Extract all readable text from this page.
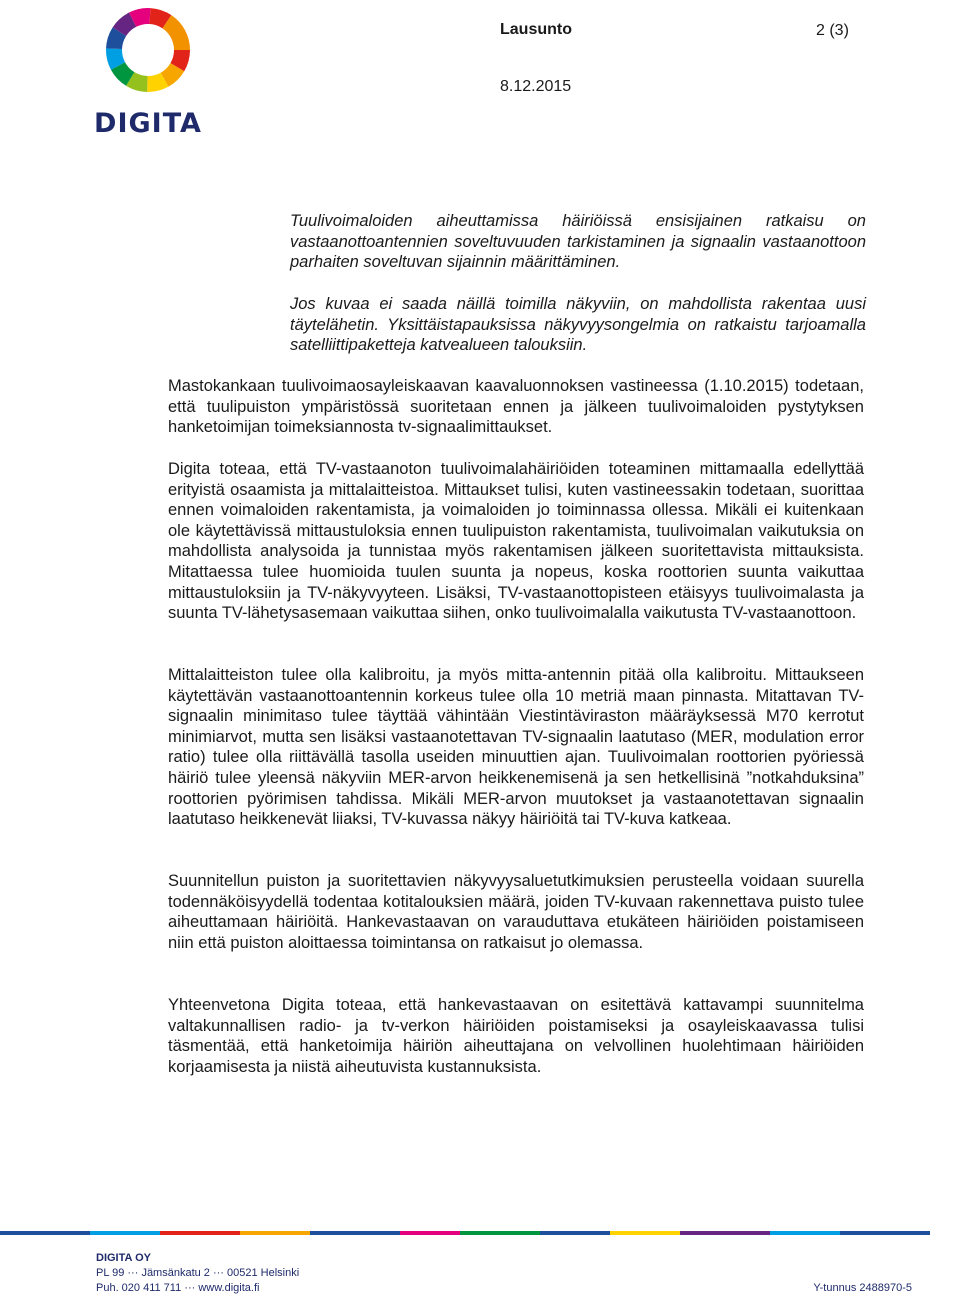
DIGITA
Lausunto	2 (3)
8.12.2015

Tuulivoimaloiden aiheuttamissa häiriöissä ensisijainen ratkaisu on vastaanottoantennien soveltuvuuden tarkistaminen ja signaalin vastaanottoon parhaiten soveltuvan sijainnin määrittäminen.

Jos kuvaa ei saada näillä toimilla näkyviin, on mahdollista rakentaa uusi täytelähetin. Yksittäistapauksissa näkyvyysongelmia on ratkaistu tarjoamalla satelliittipaketteja katvealueen talouksiin.

Mastokankaan tuulivoimaosayleiskaavan kaavaluonnoksen vastineessa (1.10.2015) todetaan, että tuulipuiston ympäristössä suoritetaan ennen ja jälkeen tuulivoimaloiden pystytyksen hanketoimijan toimeksiannosta tv-signaalimittaukset.

Digita toteaa, että TV-vastaanoton tuulivoimalahäiriöiden toteaminen mittamaalla edellyttää erityistä osaamista ja mittalaitteistoa. Mittaukset tulisi, kuten vastineessakin todetaan, suorittaa ennen voimaloiden rakentamista, ja voimaloiden jo toiminnassa ollessa. Mikäli ei kuitenkaan ole käytettävissä mittaustuloksia ennen tuulipuiston rakentamista, tuulivoimalan vaikutuksia on mahdollista analysoida ja tunnistaa myös rakentamisen jälkeen suoritettavista mittauksista. Mitattaessa tulee huomioida tuulen suunta ja nopeus, koska roottorien suunta vaikuttaa mittaustuloksiin ja TV-näkyvyyteen. Lisäksi, TV-vastaanottopisteen etäisyys tuulivoimalasta ja suunta TV-lähetysasemaan vaikuttaa siihen, onko tuulivoimalalla vaikutusta TV-vastaanottoon.

Mittalaitteiston tulee olla kalibroitu, ja myös mitta-antennin pitää olla kalibroitu. Mittaukseen käytettävän vastaanottoantennin korkeus tulee olla 10 metriä maan pinnasta. Mitattavan TV- signaalin minimitaso tulee täyttää vähintään Viestintäviraston määräyksessä M70 kerrotut minimiarvot, mutta sen lisäksi vastaanotettavan TV-signaalin laatutaso (MER, modulation error ratio) tulee olla riittävällä tasolla useiden minuuttien ajan. Tuulivoimalan roottorien pyöriessä häiriö tulee yleensä näkyviin MER-arvon heikkenemisenä ja sen hetkellisinä ”notkahduksina” roottorien pyörimisen tahdissa. Mikäli MER-arvon muutokset ja vastaanotettavan signaalin laatutaso heikkenevät liiaksi, TV-kuvassa näkyy häiriöitä tai TV-kuva katkeaa.

Suunnitellun puiston ja suoritettavien näkyvyysaluetutkimuksien perusteella voidaan suurella todennäköisyydellä todentaa kotitalouksien määrä, joiden TV-kuvaan rakennettava puisto tulee aiheuttamaan häiriöitä. Hankevastaavan on varauduttava etukäteen häiriöiden poistamiseen niin että puiston aloittaessa toimintansa on ratkaisut jo olemassa.

Yhteenvetona Digita toteaa, että hankevastaavan on esitettävä kattavampi suunnitelma valtakunnallisen radio- ja tv-verkon häiriöiden poistamiseksi ja osayleiskaavassa tulisi täsmentää, että hanketoimija häiriön aiheuttajana on velvollinen huolehtimaan häiriöiden korjaamisesta ja niistä aiheutuvista kustannuksista.

DIGITA OY
PL 99 ··· Jämsänkatu 2 ··· 00521 Helsinki
Puh. 020 411 711 ··· www.digita.fi	Y-tunnus 2488970-5
